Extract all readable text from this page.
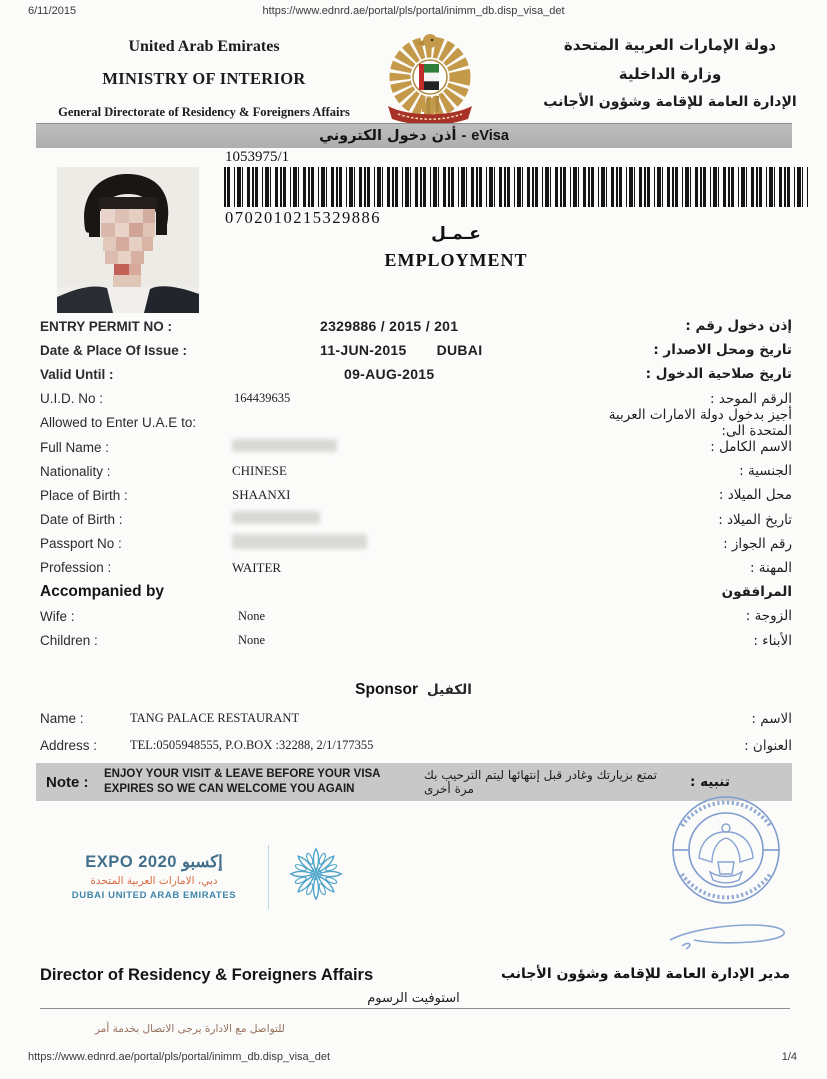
6/11/2015	https://www.ednrd.ae/portal/pls/portal/inimm_db.disp_visa_det
United Arab Emirates
MINISTRY OF INTERIOR
General Directorate of Residency & Foreigners Affairs
دولة الإمارات العربية المتحدة
وزارة الداخلية
الإدارة العامة للإقامة وشؤون الأجانب
أذن دخول الكتروني - eVisa
1053975/1
0702010215329886
عـمـل
EMPLOYMENT
ENTRY PERMIT NO :	2329886 / 2015 / 201	إذن دخول رقم :
Date & Place Of Issue :	11-JUN-2015 DUBAI	تاريخ ومحل الاصدار :
Valid Until :	09-AUG-2015	تاريخ صلاحية الدخول :
U.I.D. No :	164439635	الرقم الموحد :
Allowed to Enter U.A.E to:	أجيز بدخول دولة الامارات العربية المتحدة الى:
Full Name :	الاسم الكامل :
Nationality :	CHINESE	الجنسية :
Place of Birth :	SHAANXI	محل الميلاد :
Date of Birth :	تاريخ الميلاد :
Passport No :	رقم الجواز :
Profession :	WAITER	المهنة :
Accompanied by	المرافقون
Wife :	None	الزوجة :
Children :	None	الأبناء :
Sponsor الكفيل
Name :	TANG PALACE RESTAURANT	الاسم :
Address :	TEL:0505948555, P.O.BOX :32288, 2/1/177355	العنوان :
Note :	ENJOY YOUR VISIT & LEAVE BEFORE YOUR VISA
EXPIRES SO WE CAN WELCOME YOU AGAIN
تمتع بزيارتك وغادر قبل إنتهائها ليتم الترحيب بك مرة أخرى	تنبيه :
EXPO 2020 إكسبو
دبي، الامارات العربية المتحدة
DUBAI UNITED ARAB EMIRATES
Director of Residency & Foreigners Affairs	مدير الإدارة العامة للإقامة وشؤون الأجانب
استوفيت الرسوم
للتواصل مع الادارة يرجى الاتصال بخدمة أمر
https://www.ednrd.ae/portal/pls/portal/inimm_db.disp_visa_det	1/4
